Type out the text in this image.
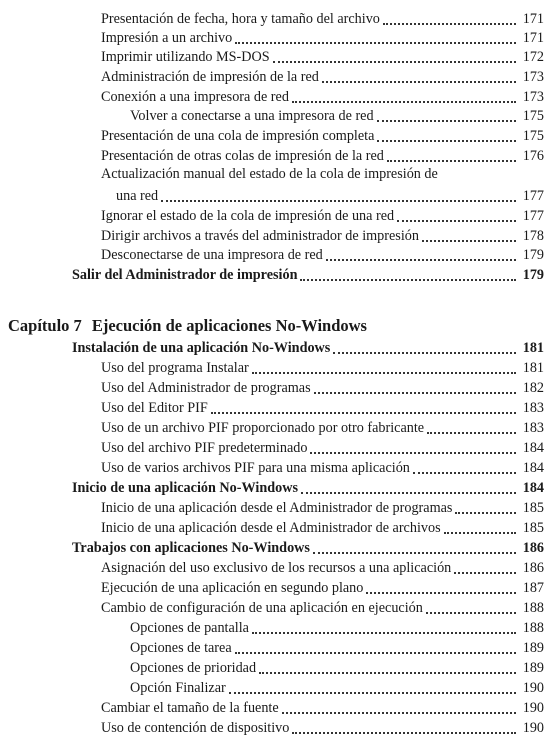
Presentación de fecha, hora y tamaño del archivo	171
Impresión a un archivo	171
Imprimir utilizando MS-DOS	172
Administración de impresión de la red	173
Conexión a una impresora de red	173
Volver a conectarse a una impresora de red	175
Presentación de una cola de impresión completa	175
Presentación de otras colas de impresión de la red	176
Actualización manual del estado de la cola de impresión de
una red	177
Ignorar el estado de la cola de impresión de una red	177
Dirigir archivos a través del administrador de impresión	178
Desconectarse de una impresora de red	179
Salir del Administrador de impresión	179
Capítulo 7 Ejecución de aplicaciones No-Windows
Instalación de una aplicación No-Windows	181
Uso del programa Instalar	181
Uso del Administrador de programas	182
Uso del Editor PIF	183
Uso de un archivo PIF proporcionado por otro fabricante	183
Uso del archivo PIF predeterminado	184
Uso de varios archivos PIF para una misma aplicación	184
Inicio de una aplicación No-Windows	184
Inicio de una aplicación desde el Administrador de programas	185
Inicio de una aplicación desde el Administrador de archivos	185
Trabajos con aplicaciones No-Windows	186
Asignación del uso exclusivo de los recursos a una aplicación	186
Ejecución de una aplicación en segundo plano	187
Cambio de configuración de una aplicación en ejecución	188
Opciones de pantalla	188
Opciones de tarea	189
Opciones de prioridad	189
Opción Finalizar	190
Cambiar el tamaño de la fuente	190
Uso de contención de dispositivo	190
